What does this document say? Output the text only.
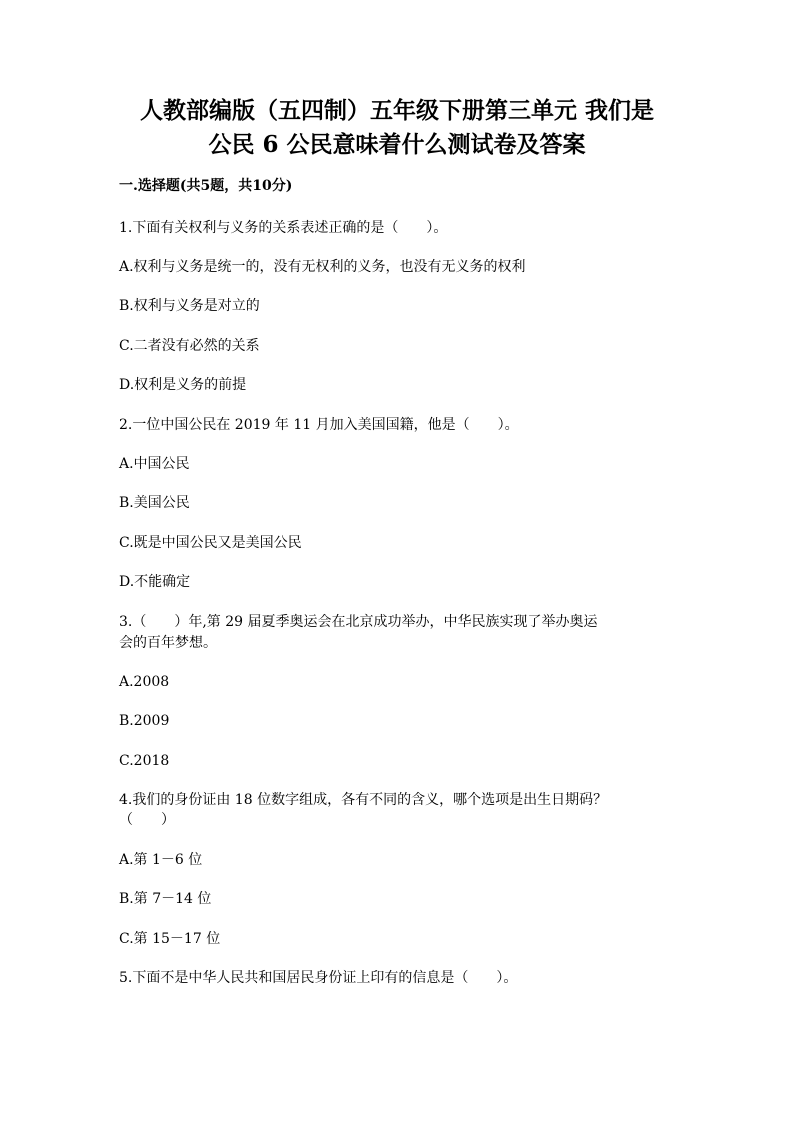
人教部编版（五四制）五年级下册第三单元 我们是
公民 6 公民意味着什么测试卷及答案
一.选择题(共5题，共10分)
1.下面有关权利与义务的关系表述正确的是（　　）。
A.权利与义务是统一的，没有无权利的义务，也没有无义务的权利
B.权利与义务是对立的
C.二者没有必然的关系
D.权利是义务的前提
2.一位中国公民在 2019 年 11 月加入美国国籍，他是（　　）。
A.中国公民
B.美国公民
C.既是中国公民又是美国公民
D.不能确定
3.（　　）年,第 29 届夏季奥运会在北京成功举办，中华民族实现了举办奥运
会的百年梦想。
A.2008
B.2009
C.2018
4.我们的身份证由 18 位数字组成，各有不同的含义，哪个选项是出生日期码？
（　　）
A.第 1－6 位
B.第 7－14 位
C.第 15－17 位
5.下面不是中华人民共和国居民身份证上印有的信息是（　　）。
